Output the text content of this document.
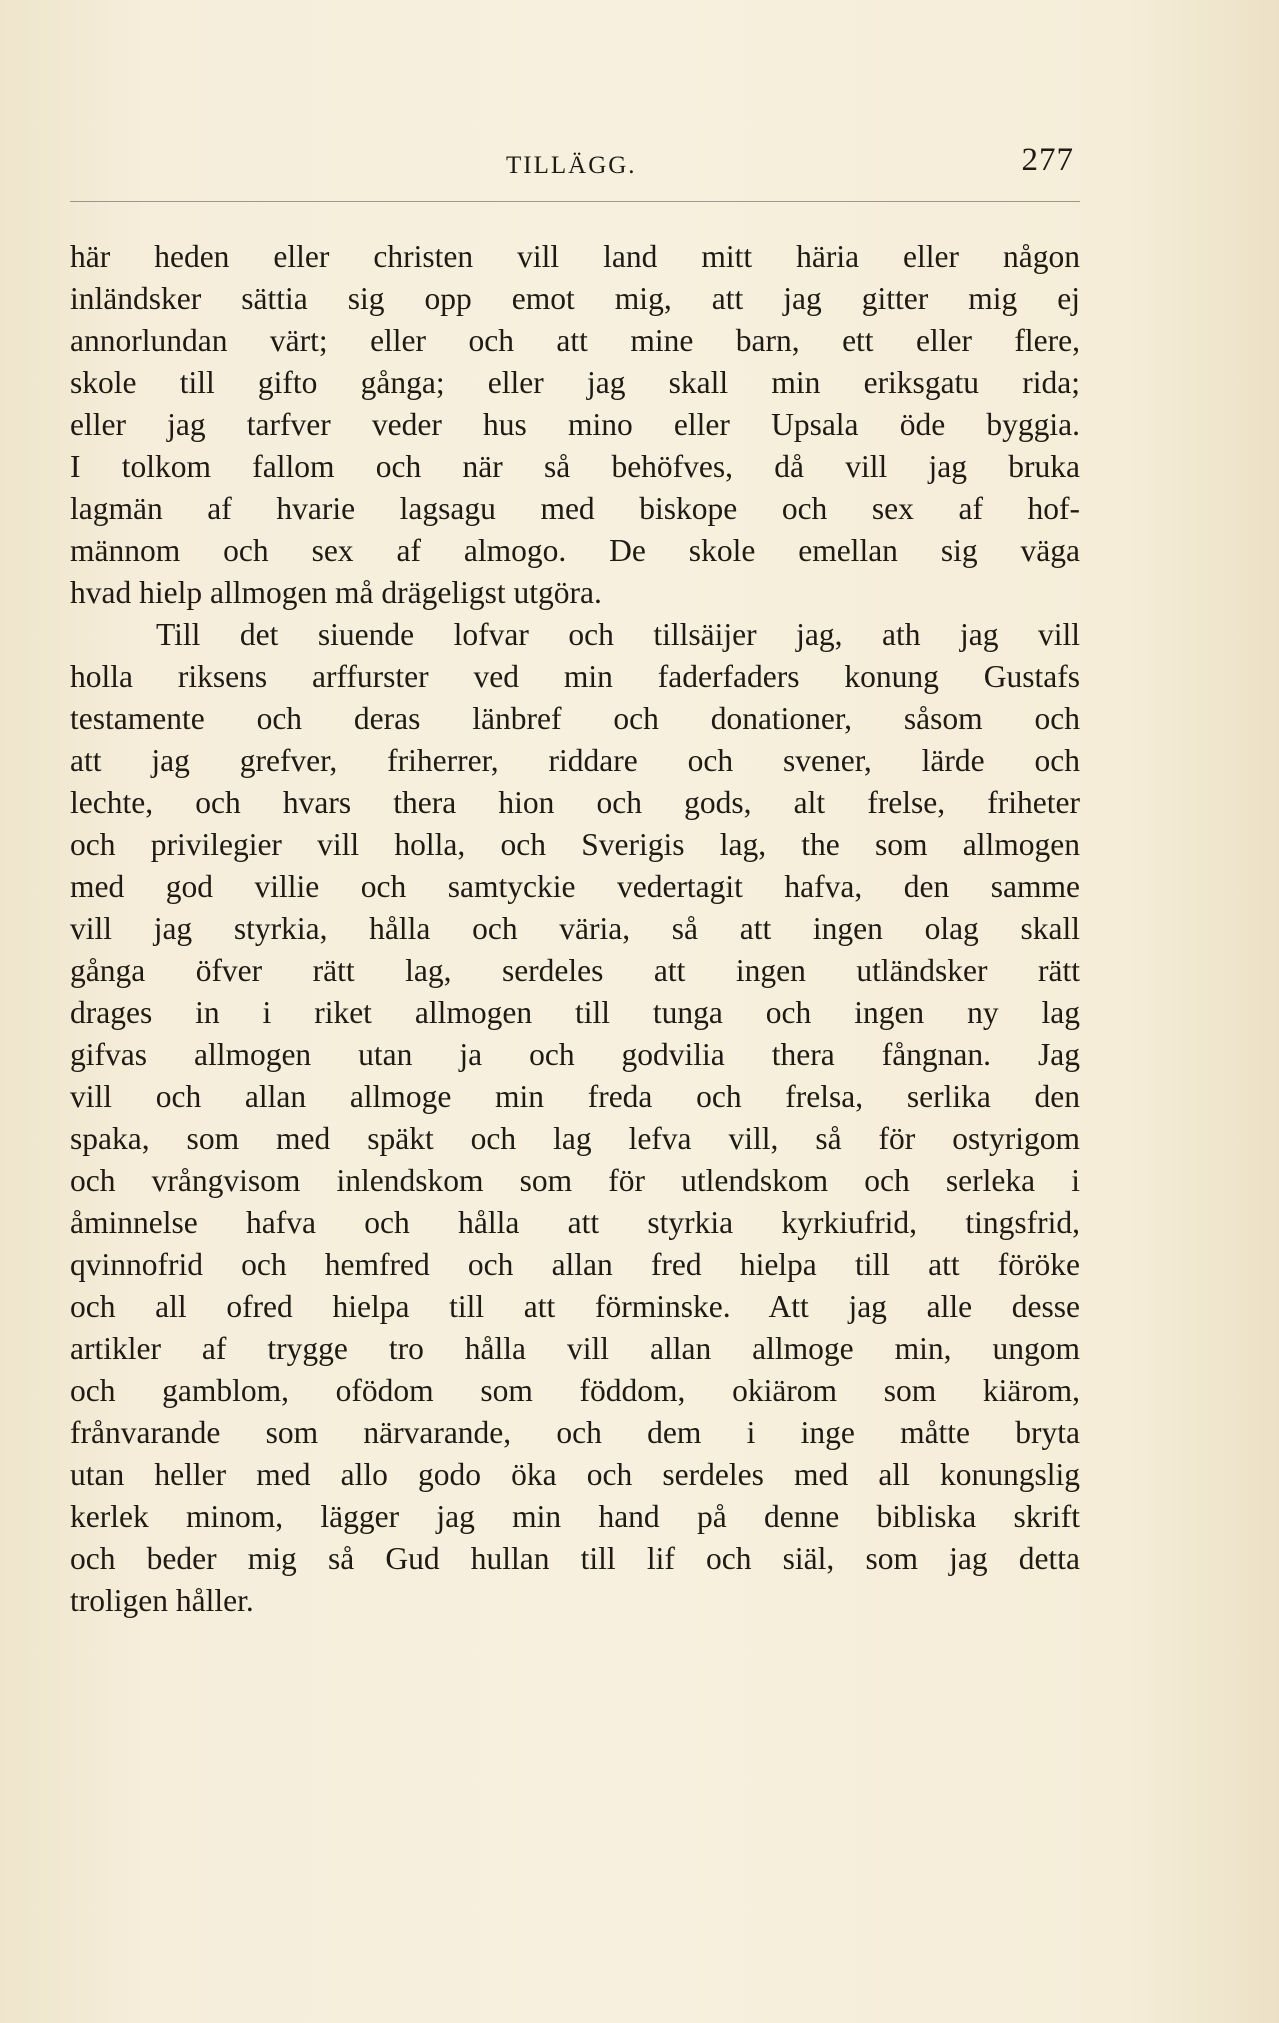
TILLÄGG.	277
här heden eller christen vill land mitt häria eller någon
inländsker sättia sig opp emot mig, att jag gitter mig ej
annorlundan värt; eller och att mine barn, ett eller flere,
skole till gifto gånga; eller jag skall min eriksgatu rida;
eller jag tarfver veder hus mino eller Upsala öde byggia.
I tolkom fallom och när så behöfves, då vill jag bruka
lagmän af hvarie lagsagu med biskope och sex af hof-
männom och sex af almogo. De skole emellan sig väga
hvad hielp allmogen må drägeligst utgöra.
Till det siuende lofvar och tillsäijer jag, ath jag vill
holla riksens arffurster ved min faderfaders konung Gustafs
testamente och deras länbref och donationer, såsom och
att jag grefver, friherrer, riddare och svener, lärde och
lechte, och hvars thera hion och gods, alt frelse, friheter
och privilegier vill holla, och Sverigis lag, the som allmogen
med god villie och samtyckie vedertagit hafva, den samme
vill jag styrkia, hålla och väria, så att ingen olag skall
gånga öfver rätt lag, serdeles att ingen utländsker rätt
drages in i riket allmogen till tunga och ingen ny lag
gifvas allmogen utan ja och godvilia thera fångnan. Jag
vill och allan allmoge min freda och frelsa, serlika den
spaka, som med späkt och lag lefva vill, så för ostyrigom
och vrångvisom inlendskom som för utlendskom och serleka i
åminnelse hafva och hålla att styrkia kyrkiufrid, tingsfrid,
qvinnofrid och hemfred och allan fred hielpa till att föröke
och all ofred hielpa till att förminske. Att jag alle desse
artikler af trygge tro hålla vill allan allmoge min, ungom
och gamblom, ofödom som föddom, okiärom som kiärom,
frånvarande som närvarande, och dem i inge måtte bryta
utan heller med allo godo öka och serdeles med all konungslig
kerlek minom, lägger jag min hand på denne bibliska skrift
och beder mig så Gud hullan till lif och siäl, som jag detta
troligen håller.
